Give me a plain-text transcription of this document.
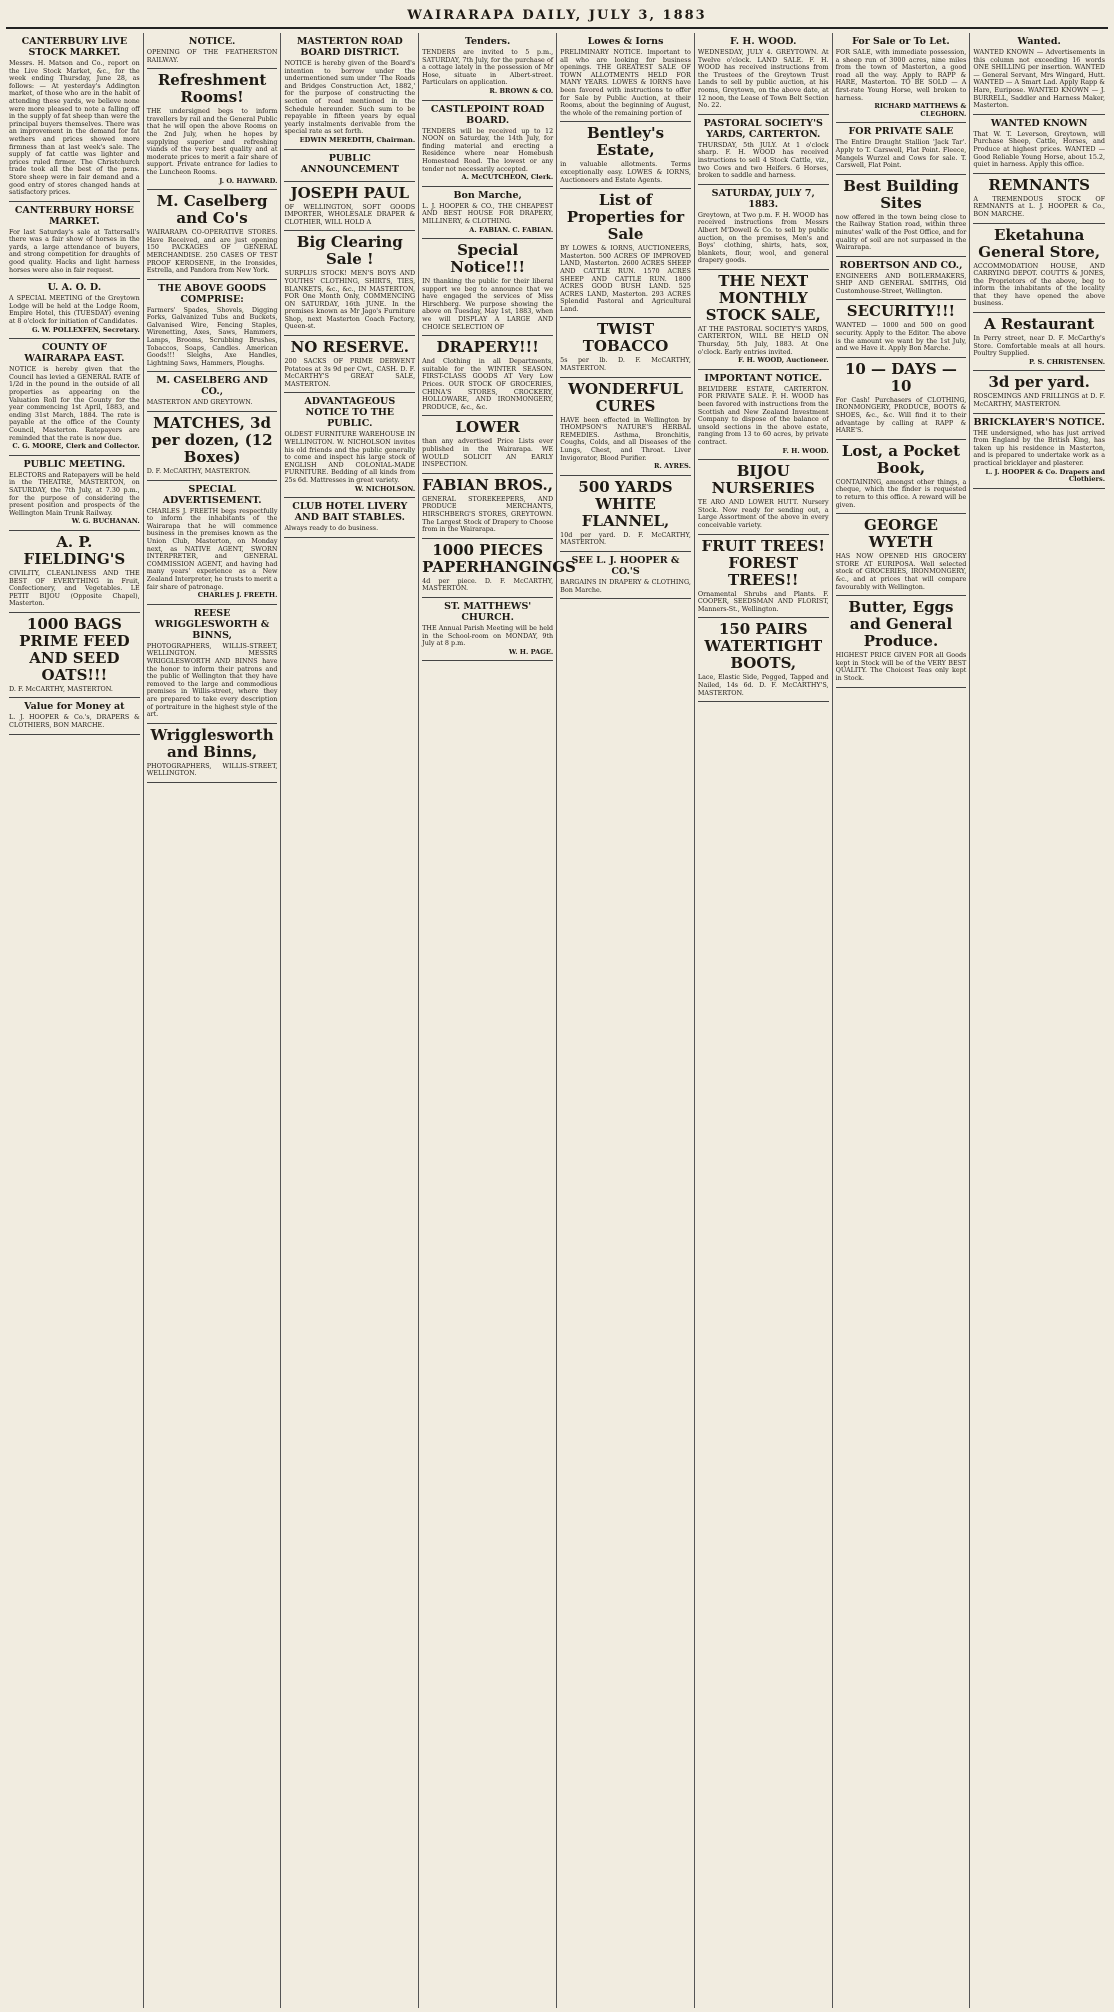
WAIRARAPA DAILY, JULY 3, 1883
CANTERBURY LIVE STOCK MARKET.

Messrs. H. Matson and Co., report on the Live Stock Market, &c., for the week ending Thursday, June 28, as follows: — At yesterday's Addington market, of those who are in the habit of attending these yards, we believe none were more pleased to note a falling off in the supply of fat sheep than were the principal buyers themselves. There was an improvement in the demand for fat wethers and prices showed more firmness than at last week's sale. The supply of fat cattle was lighter and prices ruled firmer. The Christchurch trade took all the best of the pens. Store sheep were in fair demand and a good entry of stores changed hands at satisfactory prices.

CANTERBURY HORSE MARKET.

For last Saturday's sale at Tattersall's there was a fair show of horses in the yards, a large attendance of buyers, and strong competition for draughts of good quality. Hacks and light harness horses were also in fair request.

U. A. O. D.

A SPECIAL MEETING of the Greytown Lodge will be held at the Lodge Room, Empire Hotel, this (TUESDAY) evening at 8 o'clock for initiation of Candidates.

G. W. POLLEXFEN, Secretary.
COUNTY OF WAIRARAPA EAST.

NOTICE is hereby given that the Council has levied a GENERAL RATE of 1/2d in the pound in the outside of all properties as appearing on the Valuation Roll for the County for the year commencing 1st April, 1883, and ending 31st March, 1884. The rate is payable at the office of the County Council, Masterton. Ratepayers are reminded that the rate is now due.

C. G. MOORE, Clerk and Collector.
PUBLIC MEETING.

ELECTORS and Ratepayers will be held in the THEATRE, MASTERTON, on SATURDAY, the 7th July, at 7.30 p.m., for the purpose of considering the present position and prospects of the Wellington Main Trunk Railway.

W. G. BUCHANAN.
A. P. FIELDING'S

CIVILITY, CLEANLINESS AND THE BEST OF EVERYTHING in Fruit, Confectionery, and Vegetables. LE PETIT BIJOU (Opposite Chapel), Masterton.

1000 BAGS PRIME FEED AND SEED OATS!!!

D. F. McCARTHY, MASTERTON.

Value for Money at

L. J. HOOPER & Co.'s, DRAPERS & CLOTHIERS, BON MARCHE.

NOTICE.

OPENING OF THE FEATHERSTON RAILWAY.

Refreshment Rooms!

THE undersigned begs to inform travellers by rail and the General Public that he will open the above Rooms on the 2nd July, when he hopes by supplying superior and refreshing viands of the very best quality and at moderate prices to merit a fair share of support. Private entrance for ladies to the Luncheon Rooms.

J. O. HAYWARD.
M. Caselberg and Co's

WAIRARAPA CO-OPERATIVE STORES. Have Received, and are just opening 150 PACKAGES OF GENERAL MERCHANDISE. 250 CASES OF TEST PROOF KEROSENE, in the Ironsides, Estrella, and Pandora from New York.

THE ABOVE GOODS COMPRISE:

Farmers' Spades, Shovels, Digging Forks, Galvanized Tubs and Buckets, Galvanised Wire, Fencing Staples, Wirenetting, Axes, Saws, Hammers, Lamps, Brooms, Scrubbing Brushes, Tobaccos, Soaps, Candles. American Goods!!! Sleighs, Axe Handles, Lightning Saws, Hammers, Ploughs.

M. CASELBERG AND CO.,

MASTERTON AND GREYTOWN.

MATCHES, 3d per dozen, (12 Boxes)

D. F. McCARTHY, MASTERTON.

SPECIAL ADVERTISEMENT.

CHARLES J. FREETH begs respectfully to inform the inhabitants of the Wairarapa that he will commence business in the premises known as the Union Club, Masterton, on Monday next, as NATIVE AGENT, SWORN INTERPRETER, and GENERAL COMMISSION AGENT, and having had many years' experience as a New Zealand Interpreter, he trusts to merit a fair share of patronage.

CHARLES J. FREETH.
REESE WRIGGLESWORTH & BINNS,

PHOTOGRAPHERS, WILLIS-STREET, WELLINGTON. MESSRS WRIGGLESWORTH AND BINNS have the honor to inform their patrons and the public of Wellington that they have removed to the large and commodious premises in Willis-street, where they are prepared to take every description of portraiture in the highest style of the art.

Wrigglesworth and Binns,

PHOTOGRAPHERS, WILLIS-STREET, WELLINGTON.

MASTERTON ROAD BOARD DISTRICT.

NOTICE is hereby given of the Board's intention to borrow under the undermentioned sum under 'The Roads and Bridges Construction Act, 1882,' for the purpose of constructing the section of road mentioned in the Schedule hereunder. Such sum to be repayable in fifteen years by equal yearly instalments derivable from the special rate as set forth.

EDWIN MEREDITH, Chairman.
PUBLIC ANNOUNCEMENT
JOSEPH PAUL

OF WELLINGTON, SOFT GOODS IMPORTER, WHOLESALE DRAPER & CLOTHIER, WILL HOLD A

Big Clearing Sale !

SURPLUS STOCK! MEN'S BOYS AND YOUTHS' CLOTHING, SHIRTS, TIES, BLANKETS, &c., &c., IN MASTERTON, FOR One Month Only, COMMENCING ON SATURDAY, 16th JUNE. In the premises known as Mr Jago's Furniture Shop, next Masterton Coach Factory, Queen-st.

NO RESERVE.

200 SACKS OF PRIME DERWENT Potatoes at 3s 9d per Cwt., CASH. D. F. McCARTHY'S GREAT SALE, MASTERTON.

ADVANTAGEOUS NOTICE TO THE PUBLIC.

OLDEST FURNITURE WAREHOUSE IN WELLINGTON. W. NICHOLSON invites his old friends and the public generally to come and inspect his large stock of ENGLISH AND COLONIAL-MADE FURNITURE. Bedding of all kinds from 25s 6d. Mattresses in great variety.

W. NICHOLSON.
CLUB HOTEL LIVERY AND BAIT STABLES.

Always ready to do business.

Tenders.

TENDERS are invited to 5 p.m., SATURDAY, 7th July, for the purchase of a cottage lately in the possession of Mr Hose, situate in Albert-street. Particulars on application.

R. BROWN & CO.
CASTLEPOINT ROAD BOARD.

TENDERS will be received up to 12 NOON on Saturday, the 14th July, for finding material and erecting a Residence where near Homebush Homestead Road. The lowest or any tender not necessarily accepted.

A. McCUTCHEON, Clerk.
Bon Marche,

L. J. HOOPER & CO., THE CHEAPEST AND BEST HOUSE FOR DRAPERY, MILLINERY, & CLOTHING.

A. FABIAN. C. FABIAN.
Special Notice!!!

IN thanking the public for their liberal support we beg to announce that we have engaged the services of Miss Hirschberg. We purpose showing the above on Tuesday, May 1st, 1883, when we will DISPLAY A LARGE AND CHOICE SELECTION OF

DRAPERY!!!

And Clothing in all Departments, suitable for the WINTER SEASON. FIRST-CLASS GOODS AT Very Low Prices. OUR STOCK OF GROCERIES, CHINA'S STORES, CROCKERY, HOLLOWARE, AND IRONMONGERY, PRODUCE, &c., &c.

LOWER

than any advertised Price Lists ever published in the Wairarapa. WE WOULD SOLICIT AN EARLY INSPECTION.

FABIAN BROS.,

GENERAL STOREKEEPERS, AND PRODUCE MERCHANTS, HIRSCHBERG'S STORES, GREYTOWN. The Largest Stock of Drapery to Choose from in the Wairarapa.

1000 PIECES PAPERHANGINGS

4d per piece. D. F. McCARTHY, MASTERTON.

ST. MATTHEWS' CHURCH.

THE Annual Parish Meeting will be held in the School-room on MONDAY, 9th July at 8 p.m.

W. H. PAGE.
Lowes & Iorns

PRELIMINARY NOTICE. Important to all who are looking for business openings. THE GREATEST SALE OF TOWN ALLOTMENTS HELD FOR MANY YEARS. LOWES & IORNS have been favored with instructions to offer for Sale by Public Auction, at their Rooms, about the beginning of August, the whole of the remaining portion of

Bentley's Estate,

in valuable allotments. Terms exceptionally easy. LOWES & IORNS, Auctioneers and Estate Agents.

List of Properties for Sale

BY LOWES & IORNS, AUCTIONEERS, Masterton. 500 ACRES OF IMPROVED LAND, Masterton. 2600 ACRES SHEEP AND CATTLE RUN. 1570 ACRES SHEEP AND CATTLE RUN. 1800 ACRES GOOD BUSH LAND. 525 ACRES LAND, Masterton. 293 ACRES Splendid Pastoral and Agricultural Land.

TWIST TOBACCO

5s per lb. D. F. McCARTHY, MASTERTON.

WONDERFUL CURES

HAVE been effected in Wellington by THOMPSON'S NATURE'S HERBAL REMEDIES. Asthma, Bronchitis, Coughs, Colds, and all Diseases of the Lungs, Chest, and Throat. Liver Invigorator, Blood Purifier.

R. AYRES.
500 YARDS WHITE FLANNEL,

10d per yard. D. F. McCARTHY, MASTERTON.

SEE L. J. HOOPER & CO.'S

BARGAINS IN DRAPERY & CLOTHING, Bon Marche.

F. H. WOOD.

WEDNESDAY, JULY 4. GREYTOWN. At Twelve o'clock. LAND SALE. F. H. WOOD has received instructions from the Trustees of the Greytown Trust Lands to sell by public auction, at his rooms, Greytown, on the above date, at 12 noon, the Lease of Town Belt Section No. 22.

PASTORAL SOCIETY'S YARDS, CARTERTON.

THURSDAY, 5th JULY. At 1 o'clock sharp. F. H. WOOD has received instructions to sell 4 Stock Cattle, viz., two Cows and two Heifers. 6 Horses, broken to saddle and harness.

SATURDAY, JULY 7, 1883.

Greytown, at Two p.m. F. H. WOOD has received instructions from Messrs Albert M'Dowell & Co. to sell by public auction, on the premises, Men's and Boys' clothing, shirts, hats, sox, blankets, flour, wool, and general drapery goods.

THE NEXT MONTHLY STOCK SALE,

AT THE PASTORAL SOCIETY'S YARDS, CARTERTON, WILL BE HELD ON Thursday, 5th July, 1883. At One o'clock. Early entries invited.

F. H. WOOD, Auctioneer.
IMPORTANT NOTICE.

BELVIDERE ESTATE, CARTERTON. FOR PRIVATE SALE. F. H. WOOD has been favored with instructions from the Scottish and New Zealand Investment Company to dispose of the balance of unsold sections in the above estate, ranging from 13 to 60 acres, by private contract.

F. H. WOOD.
BIJOU NURSERIES

TE ARO AND LOWER HUTT. Nursery Stock. Now ready for sending out, a Large Assortment of the above in every conceivable variety.

FRUIT TREES! FOREST TREES!!

Ornamental Shrubs and Plants. F. COOPER, SEEDSMAN AND FLORIST, Manners-St., Wellington.

150 PAIRS WATERTIGHT BOOTS,

Lace, Elastic Side, Pegged, Tapped and Nailed, 14s 6d. D. F. McCARTHY'S, MASTERTON.

For Sale or To Let.

FOR SALE, with immediate possession, a sheep run of 3000 acres, nine miles from the town of Masterton, a good road all the way. Apply to RAPP & HARE, Masterton. TO BE SOLD — A first-rate Young Horse, well broken to harness.

RICHARD MATTHEWS & CLEGHORN.
FOR PRIVATE SALE

The Entire Draught Stallion 'Jack Tar'. Apply to T. Carswell, Flat Point. Fleece, Mangels Wurzel and Cows for sale. T. Carswell, Flat Point.

Best Building Sites

now offered in the town being close to the Railway Station road, within three minutes' walk of the Post Office, and for quality of soil are not surpassed in the Wairarapa.

ROBERTSON AND CO.,

ENGINEERS AND BOILERMAKERS, SHIP AND GENERAL SMITHS, Old Customhouse-Street, Wellington.

SECURITY!!!

WANTED — 1000 and 500 on good security. Apply to the Editor. The above is the amount we want by the 1st July, and we Have it. Apply Bon Marche.

10 — DAYS — 10

For Cash! Purchasers of CLOTHING, IRONMONGERY, PRODUCE, BOOTS & SHOES, &c., &c. Will find it to their advantage by calling at RAPP & HARE'S.

Lost, a Pocket Book,

CONTAINING, amongst other things, a cheque, which the finder is requested to return to this office. A reward will be given.

GEORGE WYETH

HAS NOW OPENED HIS GROCERY STORE AT EURIPOSA. Well selected stock of GROCERIES, IRONMONGERY, &c., and at prices that will compare favourably with Wellington.

Butter, Eggs and General Produce.

HIGHEST PRICE GIVEN FOR all Goods kept in Stock will be of the VERY BEST QUALITY. The Choicest Teas only kept in Stock.

Wanted.

WANTED KNOWN — Advertisements in this column not exceeding 16 words ONE SHILLING per insertion. WANTED — General Servant, Mrs Wingard, Hutt. WANTED — A Smart Lad. Apply Rapp & Hare, Euripose. WANTED KNOWN — J. BURRELL, Saddler and Harness Maker, Masterton.

WANTED KNOWN

That W. T. Leverson, Greytown, will Purchase Sheep, Cattle, Horses, and Produce at highest prices. WANTED — Good Reliable Young Horse, about 15.2, quiet in harness. Apply this office.

REMNANTS

A TREMENDOUS STOCK OF REMNANTS at L. J. HOOPER & Co., BON MARCHE.

Eketahuna General Store,

ACCOMMODATION HOUSE, AND CARRYING DEPOT. COUTTS & JONES, the Proprietors of the above, beg to inform the inhabitants of the locality that they have opened the above business.

A Restaurant

In Perry street, near D. F. McCarthy's Store. Comfortable meals at all hours. Poultry Supplied.

P. S. CHRISTENSEN.
3d per yard.

ROSCEMINGS AND FRILLINGS at D. F. McCARTHY, MASTERTON.

BRICKLAYER'S NOTICE.

THE undersigned, who has just arrived from England by the British King, has taken up his residence in Masterton, and is prepared to undertake work as a practical bricklayer and plasterer.

L. J. HOOPER & Co. Drapers and Clothiers.
